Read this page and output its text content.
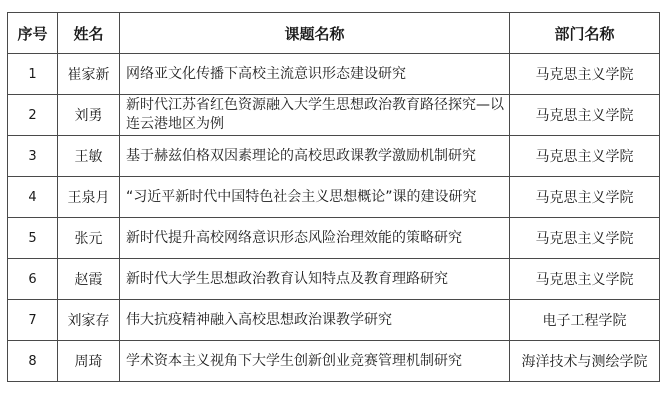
序号	姓名	课题名称	部门名称
1	崔家新	网络亚文化传播下高校主流意识形态建设研究	马克思主义学院
2	刘勇	新时代江苏省红色资源融入大学生思想政治教育路径探究—以连云港地区为例	马克思主义学院
3	王敏	基于赫兹伯格双因素理论的高校思政课教学激励机制研究	马克思主义学院
4	王泉月	“习近平新时代中国特色社会主义思想概论”课的建设研究	马克思主义学院
5	张元	新时代提升高校网络意识形态风险治理效能的策略研究	马克思主义学院
6	赵霞	新时代大学生思想政治教育认知特点及教育理路研究	马克思主义学院
7	刘家存	伟大抗疫精神融入高校思想政治课教学研究	电子工程学院
8	周琦	学术资本主义视角下大学生创新创业竞赛管理机制研究	海洋技术与测绘学院
